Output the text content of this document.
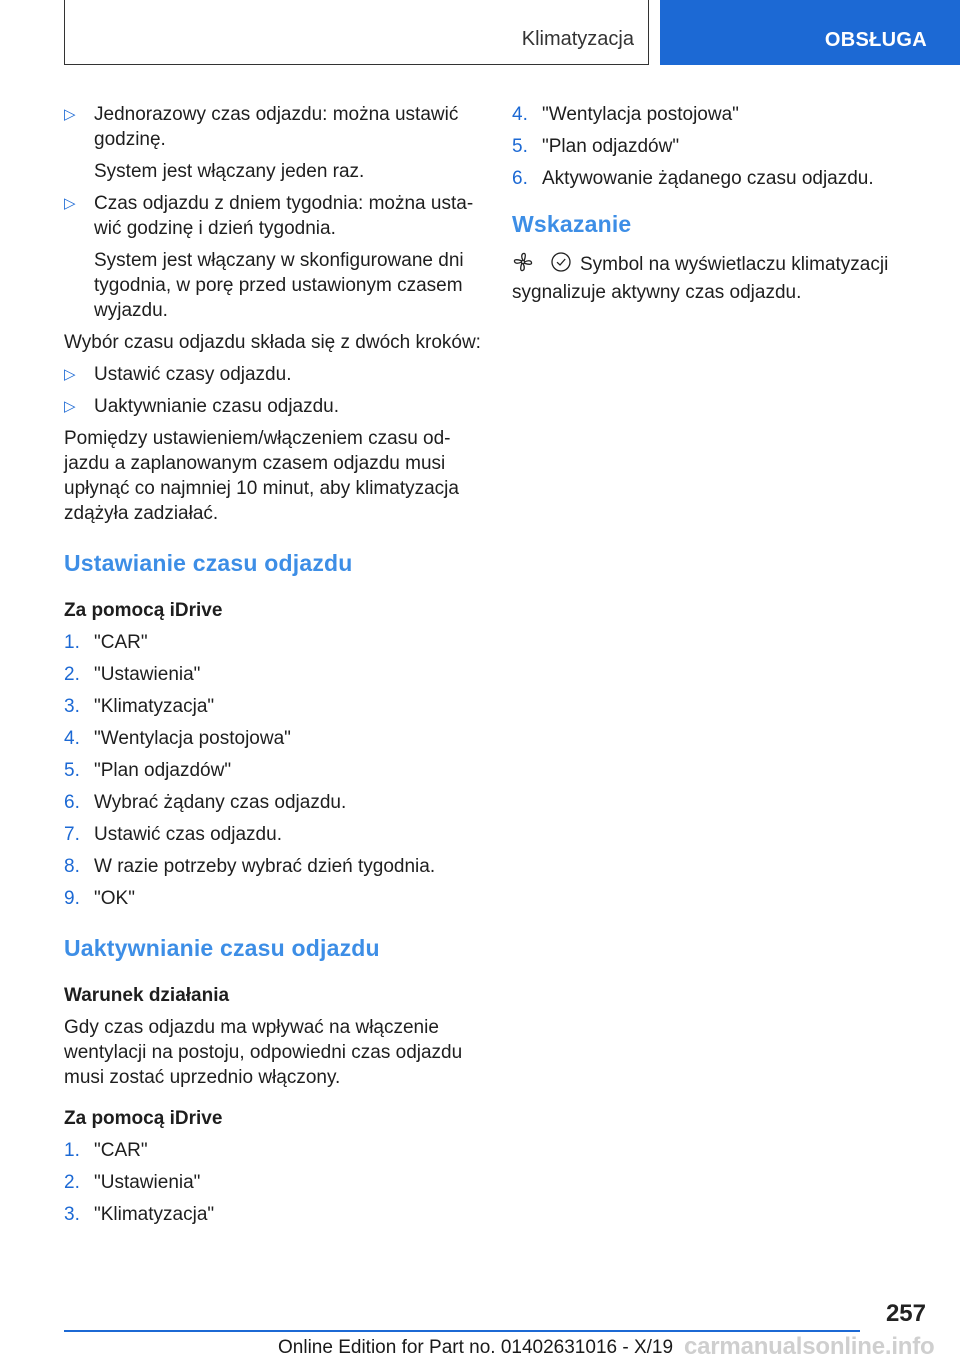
Klimatyzacja	OBSŁUGA
▷ Jednorazowy czas odjazdu: można ustawić godzinę.
System jest włączany jeden raz.
▷ Czas odjazdu z dniem tygodnia: można ustawić godzinę i dzień tygodnia.
System jest włączany w skonfigurowane dni tygodnia, w porę przed ustawionym czasem wyjazdu.
Wybór czasu odjazdu składa się z dwóch kroków:
▷ Ustawić czasy odjazdu.
▷ Uaktywnianie czasu odjazdu.
Pomiędzy ustawieniem/włączeniem czasu odjazdu a zaplanowanym czasem odjazdu musi upłynąć co najmniej 10 minut, aby klimatyzacja zdążyła zadziałać.
Ustawianie czasu odjazdu
Za pomocą iDrive
1. "CAR"
2. "Ustawienia"
3. "Klimatyzacja"
4. "Wentylacja postojowa"
5. "Plan odjazdów"
6. Wybrać żądany czas odjazdu.
7. Ustawić czas odjazdu.
8. W razie potrzeby wybrać dzień tygodnia.
9. "OK"
Uaktywnianie czasu odjazdu
Warunek działania
Gdy czas odjazdu ma wpływać na włączenie wentylacji na postoju, odpowiedni czas odjazdu musi zostać uprzednio włączony.
Za pomocą iDrive
1. "CAR"
2. "Ustawienia"
3. "Klimatyzacja"
4. "Wentylacja postojowa"
5. "Plan odjazdów"
6. Aktywowanie żądanego czasu odjazdu.
Wskazanie
Symbol na wyświetlaczu klimatyzacji sygnalizuje aktywny czas odjazdu.
257
Online Edition for Part no. 01402631016 - X/19 carmanualsonline.info
